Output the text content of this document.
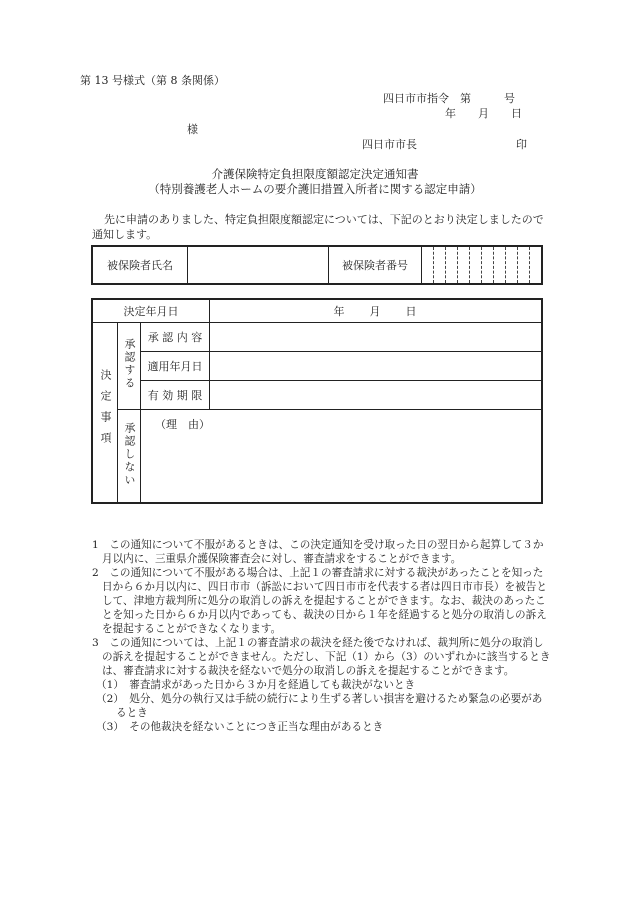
第 13 号様式（第 8 条関係）
四日市市指令　第　　　号
年　　月　　日
様
四日市市長	印
介護保険特定負担限度額認定決定通知書
（特別養護老人ホームの要介護旧措置入所者に関する認定申請）
先に申請のありました、特定負担限度額認定については、下記のとおり決定しましたので通知します。
被保険者氏名		被保険者番号	
決定年月日			年　　月　　日
決定事項	承認する	承 認 内 容	
		適用年月日	
		有 効 期 限	
	承認しない	（理　由）	

1　この通知について不服があるときは、この決定通知を受け取った日の翌日から起算して３か月以内に、三重県介護保険審査会に対し、審査請求をすることができます。

2　この通知について不服がある場合は、上記１の審査請求に対する裁決があったことを知った日から６か月以内に、四日市市（訴訟において四日市市を代表する者は四日市市長）を被告として、津地方裁判所に処分の取消しの訴えを提起することができます。なお、裁決のあったことを知った日から６か月以内であっても、裁決の日から１年を経過すると処分の取消しの訴えを提起することができなくなります。

3　この通知については、上記１の審査請求の裁決を経た後でなければ、裁判所に処分の取消しの訴えを提起することができません。ただし、下記（1）から（3）のいずれかに該当するときは、審査請求に対する裁決を経ないで処分の取消しの訴えを提起することができます。

（1）　審査請求があった日から３か月を経過しても裁決がないとき

（2）　処分、処分の執行又は手続の続行により生ずる著しい損害を避けるため緊急の必要があるとき

（3）　その他裁決を経ないことにつき正当な理由があるとき
